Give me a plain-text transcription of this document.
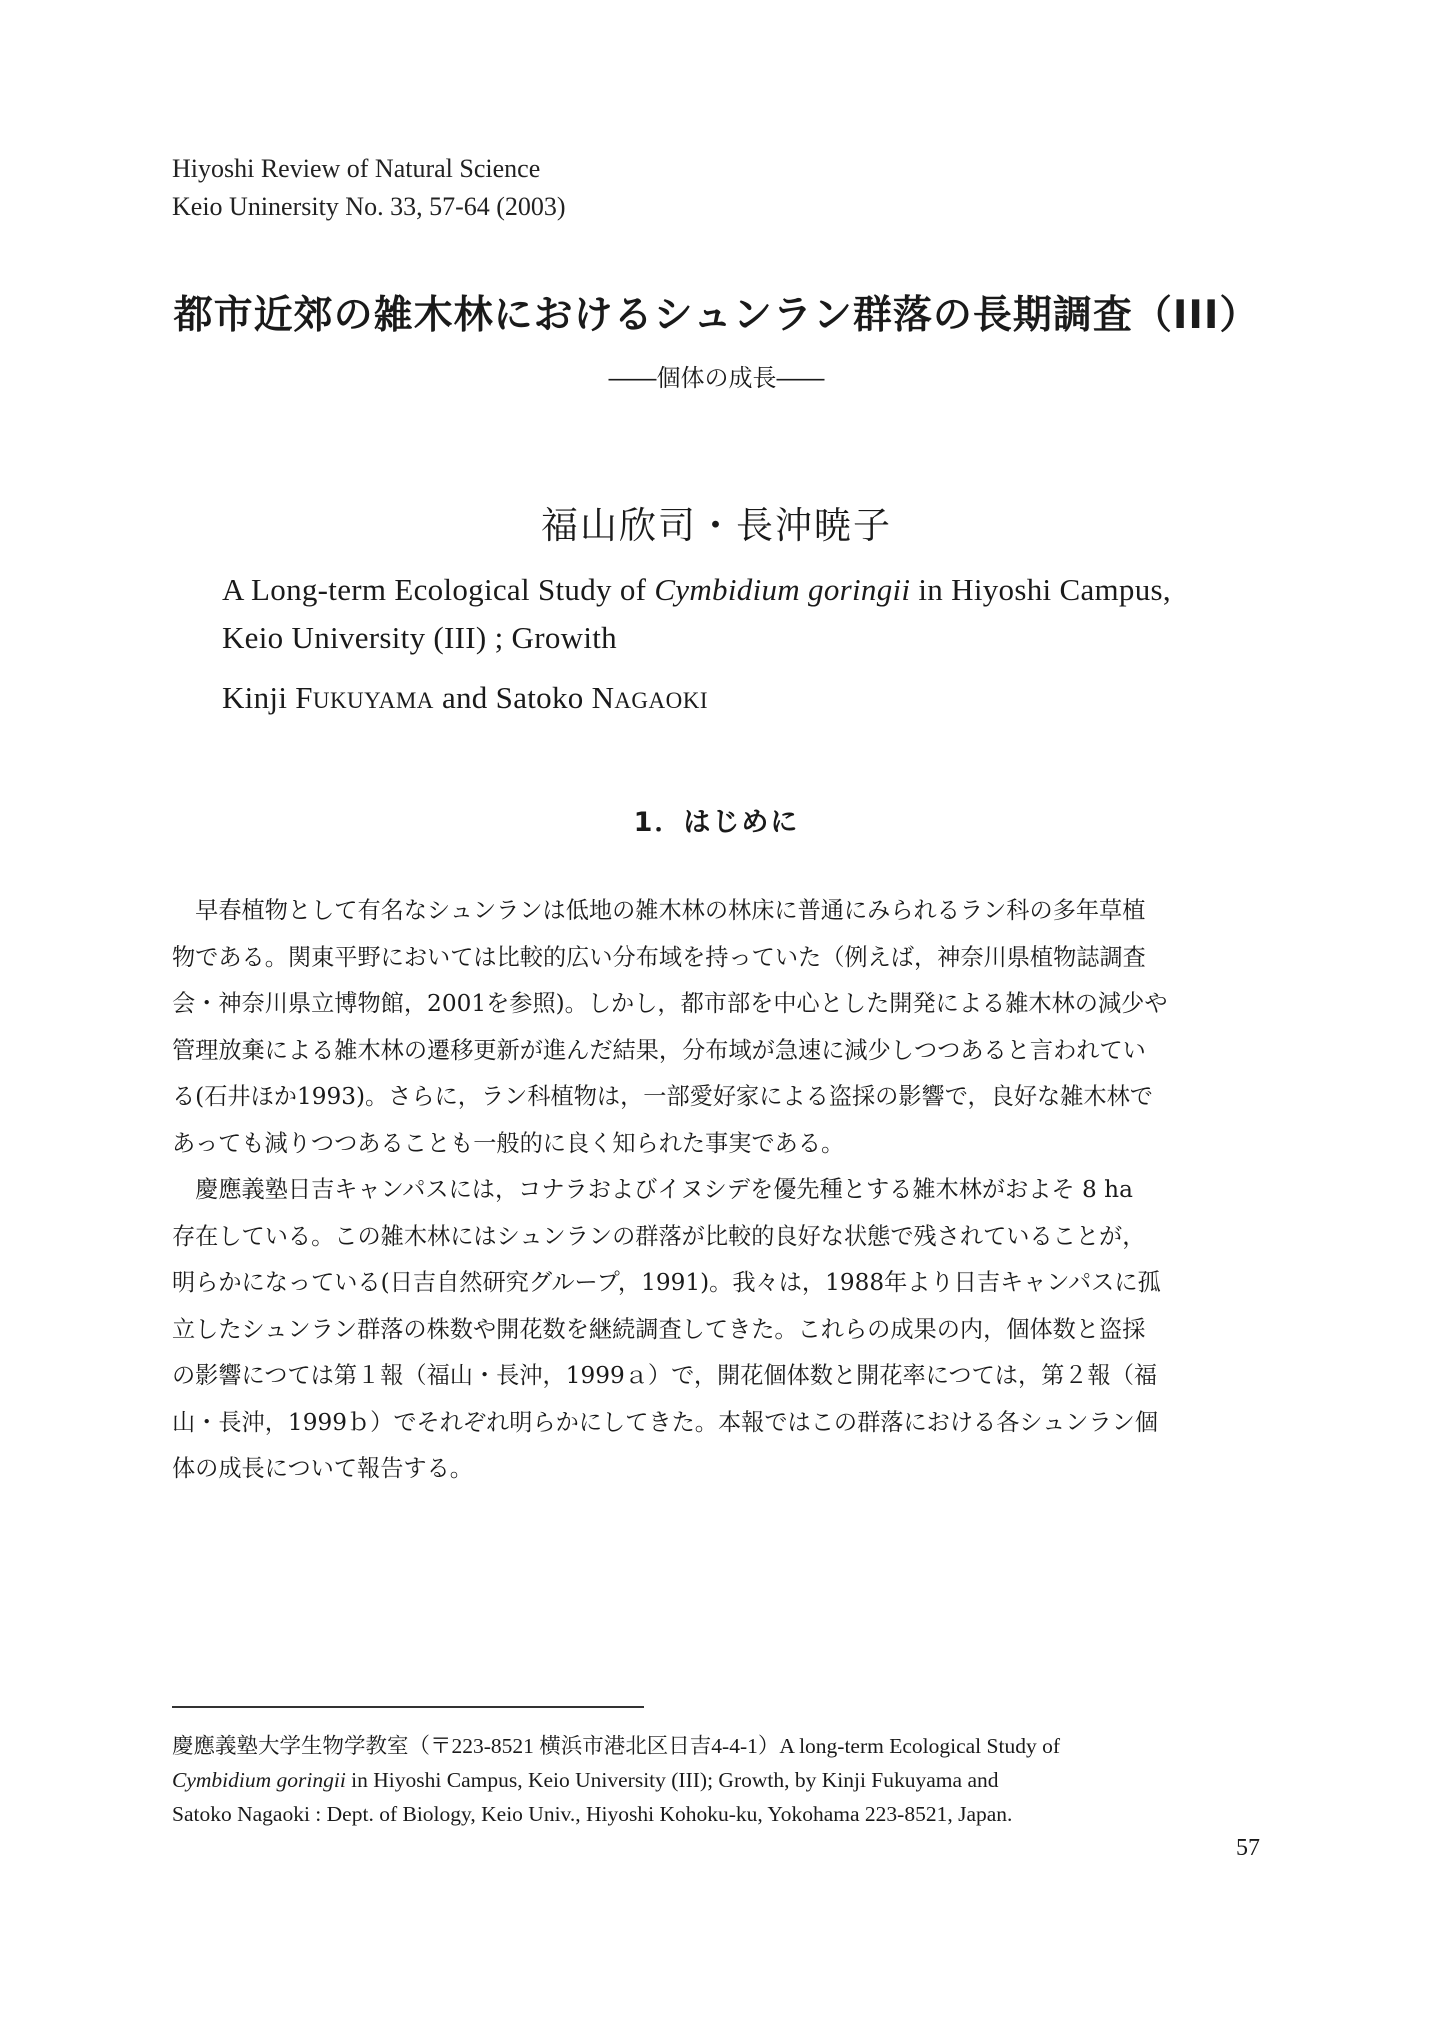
Hiyoshi Review of Natural Science
Keio Uninersity No. 33, 57-64 (2003)
都市近郊の雑木林におけるシュンラン群落の長期調査（III）
――個体の成長――
福山欣司・長沖暁子
A Long-term Ecological Study of Cymbidium goringii in Hiyoshi Campus,
Keio University (III) ; Growith
Kinji FUKUYAMA and Satoko NAGAOKI
1．はじめに
　早春植物として有名なシュンランは低地の雑木林の林床に普通にみられるラン科の多年草植
物である。関東平野においては比較的広い分布域を持っていた（例えば，神奈川県植物誌調査
会・神奈川県立博物館，2001を参照)。しかし，都市部を中心とした開発による雑木林の減少や
管理放棄による雑木林の遷移更新が進んだ結果，分布域が急速に減少しつつあると言われてい
る(石井ほか1993)。さらに，ラン科植物は，一部愛好家による盗採の影響で，良好な雑木林で
あっても減りつつあることも一般的に良く知られた事実である。
　慶應義塾日吉キャンパスには，コナラおよびイヌシデを優先種とする雑木林がおよそ 8 ha
存在している。この雑木林にはシュンランの群落が比較的良好な状態で残されていることが，
明らかになっている(日吉自然研究グループ，1991)。我々は，1988年より日吉キャンパスに孤
立したシュンラン群落の株数や開花数を継続調査してきた。これらの成果の内，個体数と盗採
の影響につては第１報（福山・長沖，1999ａ）で，開花個体数と開花率につては，第２報（福
山・長沖，1999ｂ）でそれぞれ明らかにしてきた。本報ではこの群落における各シュンラン個
体の成長について報告する。
慶應義塾大学生物学教室（〒223-8521 横浜市港北区日吉4-4-1）A long-term Ecological Study of
Cymbidium goringii in Hiyoshi Campus, Keio University (III); Growth, by Kinji Fukuyama and
Satoko Nagaoki : Dept. of Biology, Keio Univ., Hiyoshi Kohoku-ku, Yokohama 223-8521, Japan.
57
